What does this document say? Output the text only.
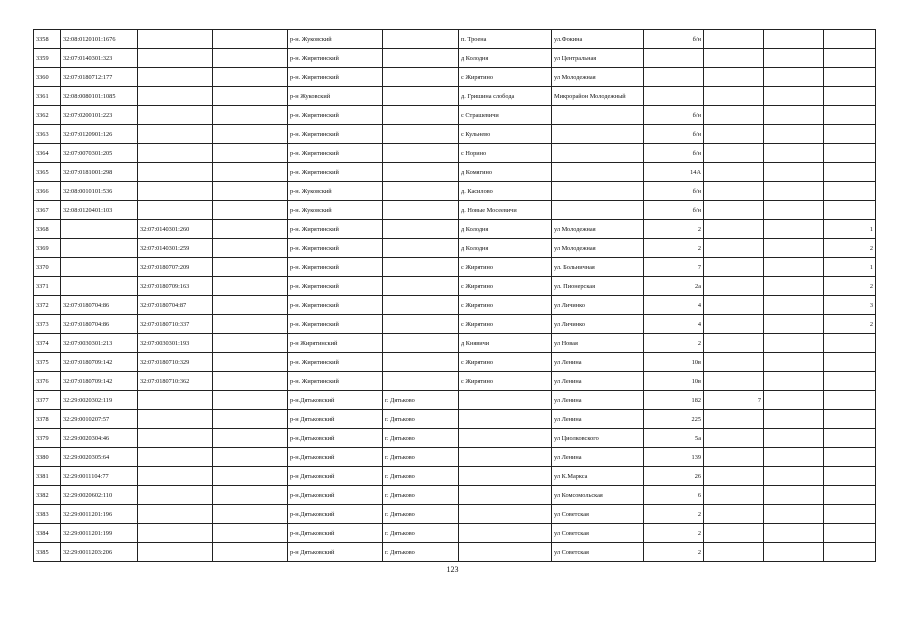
3358	32:08:0120101:1676			р-н. Жуковский		п. Троена	ул.Фокина	б/н			
3359	32:07:0140301:323			р-н. Жирятинский		д Колодня	ул Центральная				
3360	32:07:0180712:177			р-н. Жирятинский		с Жирятино	ул Молодежная				
3361	32:08:0080101:1085			р-н Жуковский		д. Гришина слобода	Микрорайон Молодежный				
3362	32:07:0200101:223			р-н. Жирятинский		с Страшевичи		б/н			
3363	32:07:0120901:126			р-н. Жирятинский		с Кульнево		б/н			
3364	32:07:0070301:205			р-н. Жирятинский		с Норино		б/н			
3365	32:07:0181001:298			р-н. Жирятинский		д Комягино		14А			
3366	32:08:0010101:536			р-н. Жуковский		д. Касилово		б/н			
3367	32:08:0120401:103			р-н. Жуковский		д. Новые Мосеевичи		б/н			
3368		32:07:0140301:260		р-н. Жирятинский		д Колодня	ул Молодежная	2			1
3369		32:07:0140301:259		р-н. Жирятинский		д Колодня	ул Молодежная	2			2
3370		32:07:0180707:209		р-н. Жирятинский		с Жирятино	ул. Больничная	7			1
3371		32:07:0180709:163		р-н. Жирятинский		с Жирятино	ул. Пионерская	2а			2
3372	32:07:0180704:86	32:07:0180704:87		р-н. Жирятинский		с Жирятино	ул Личинко	4			3
3373	32:07:0180704:86	32:07:0180710:337		р-н. Жирятинский		с Жирятино	ул Личинко	4			2
3374	32:07:0030301:213	32:07:0030301:193		р-н Жирятинский		д Княвичи	ул Новая	2			
3375	32:07:0180709:142	32:07:0180710:329		р-н. Жирятинский		с Жирятино	ул Ленина	10в			
3376	32:07:0180709:142	32:07:0180710:362		р-н. Жирятинский		с Жирятино	ул Ленина	10в			
3377	32:29:0020302:119			р-н.Дятьковский	г. Дятьково		ул Ленина	182	7		
3378	32:29:0010207:57			р-н Дятьковский	г. Дятьково		ул Ленина	225			
3379	32:29:0020304:46			р-н.Дятьковский	г. Дятьково		ул Циолковского	5а			
3380	32:29:0020305:64			р-н.Дятьковский	г. Дятьково		ул Ленина	139			
3381	32:29:0011104:77			р-н Дятьковский	г. Дятьково		ул К.Маркса	26			
3382	32:29:0020602:110			р-н.Дятьковский	г. Дятьково		ул Комсомольская	6			
3383	32:29:0011201:196			р-н.Дятьковский	г. Дятьково		ул Советская	2			
3384	32:29:0011201:199			р-н.Дятьковский	г. Дятьково		ул Советская	2			
3385	32:29:0011203:206			р-н Дятьковский	г. Дятьково		ул Советская	2			
123
